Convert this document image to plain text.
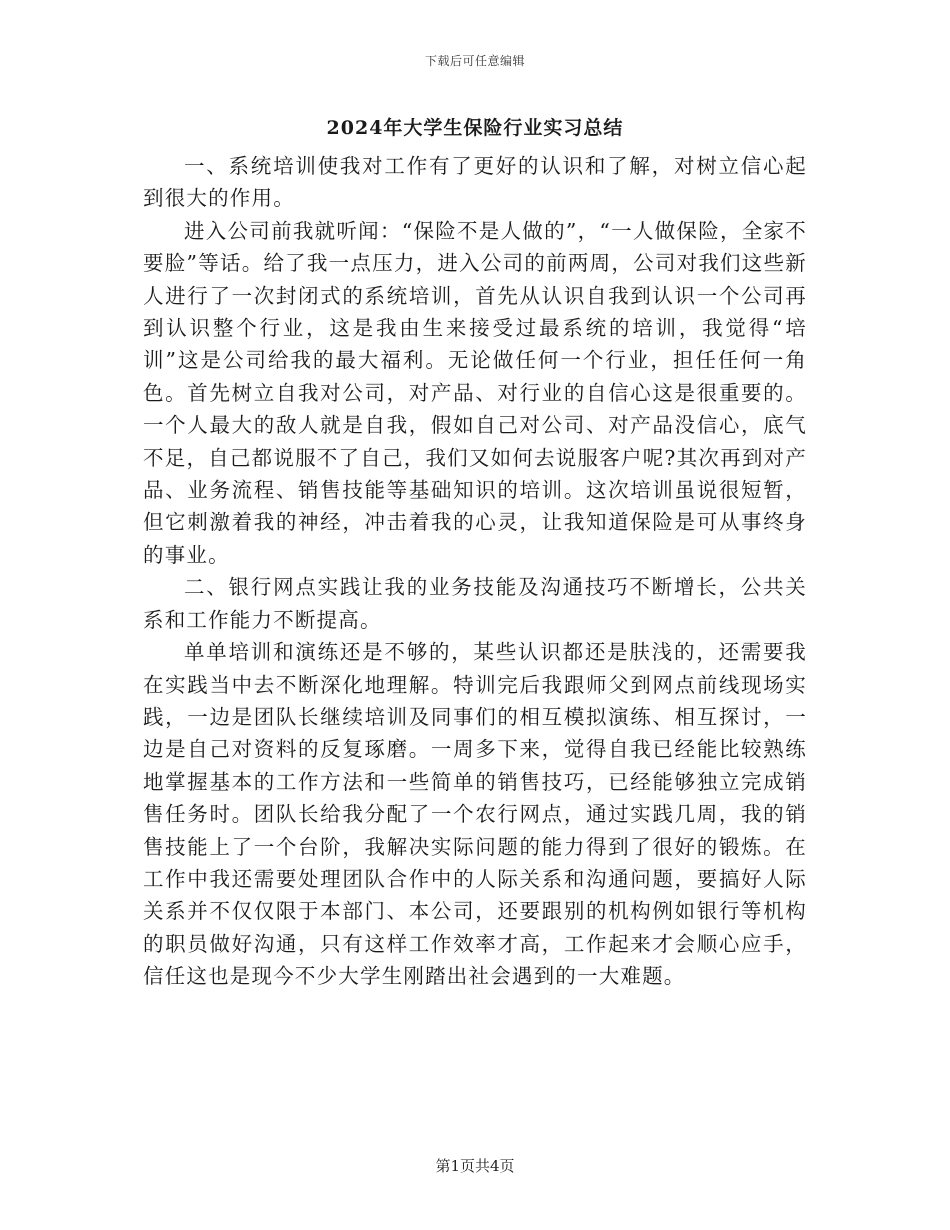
下载后可任意编辑
2024年大学生保险行业实习总结

一、系统培训使我对工作有了更好的认识和了解，对树立信心起到很大的作用。

进入公司前我就听闻：“保险不是人做的”，“一人做保险，全家不要脸”等话。给了我一点压力，进入公司的前两周，公司对我们这些新人进行了一次封闭式的系统培训，首先从认识自我到认识一个公司再到认识整个行业，这是我由生来接受过最系统的培训，我觉得“培训”这是公司给我的最大福利。无论做任何一个行业，担任任何一角色。首先树立自我对公司，对产品、对行业的自信心这是很重要的。一个人最大的敌人就是自我，假如自己对公司、对产品没信心，底气不足，自己都说服不了自己，我们又如何去说服客户呢?其次再到对产品、业务流程、销售技能等基础知识的培训。这次培训虽说很短暂，但它刺激着我的神经，冲击着我的心灵，让我知道保险是可从事终身的事业。

二、银行网点实践让我的业务技能及沟通技巧不断增长，公共关系和工作能力不断提高。

单单培训和演练还是不够的，某些认识都还是肤浅的，还需要我在实践当中去不断深化地理解。特训完后我跟师父到网点前线现场实践，一边是团队长继续培训及同事们的相互模拟演练、相互探讨，一边是自己对资料的反复琢磨。一周多下来，觉得自我已经能比较熟练地掌握基本的工作方法和一些简单的销售技巧，已经能够独立完成销售任务时。团队长给我分配了一个农行网点，通过实践几周，我的销售技能上了一个台阶，我解决实际问题的能力得到了很好的锻炼。在工作中我还需要处理团队合作中的人际关系和沟通问题，要搞好人际关系并不仅仅限于本部门、本公司，还要跟别的机构例如银行等机构的职员做好沟通，只有这样工作效率才高，工作起来才会顺心应手，信任这也是现今不少大学生刚踏出社会遇到的一大难题。

第1页共4页
